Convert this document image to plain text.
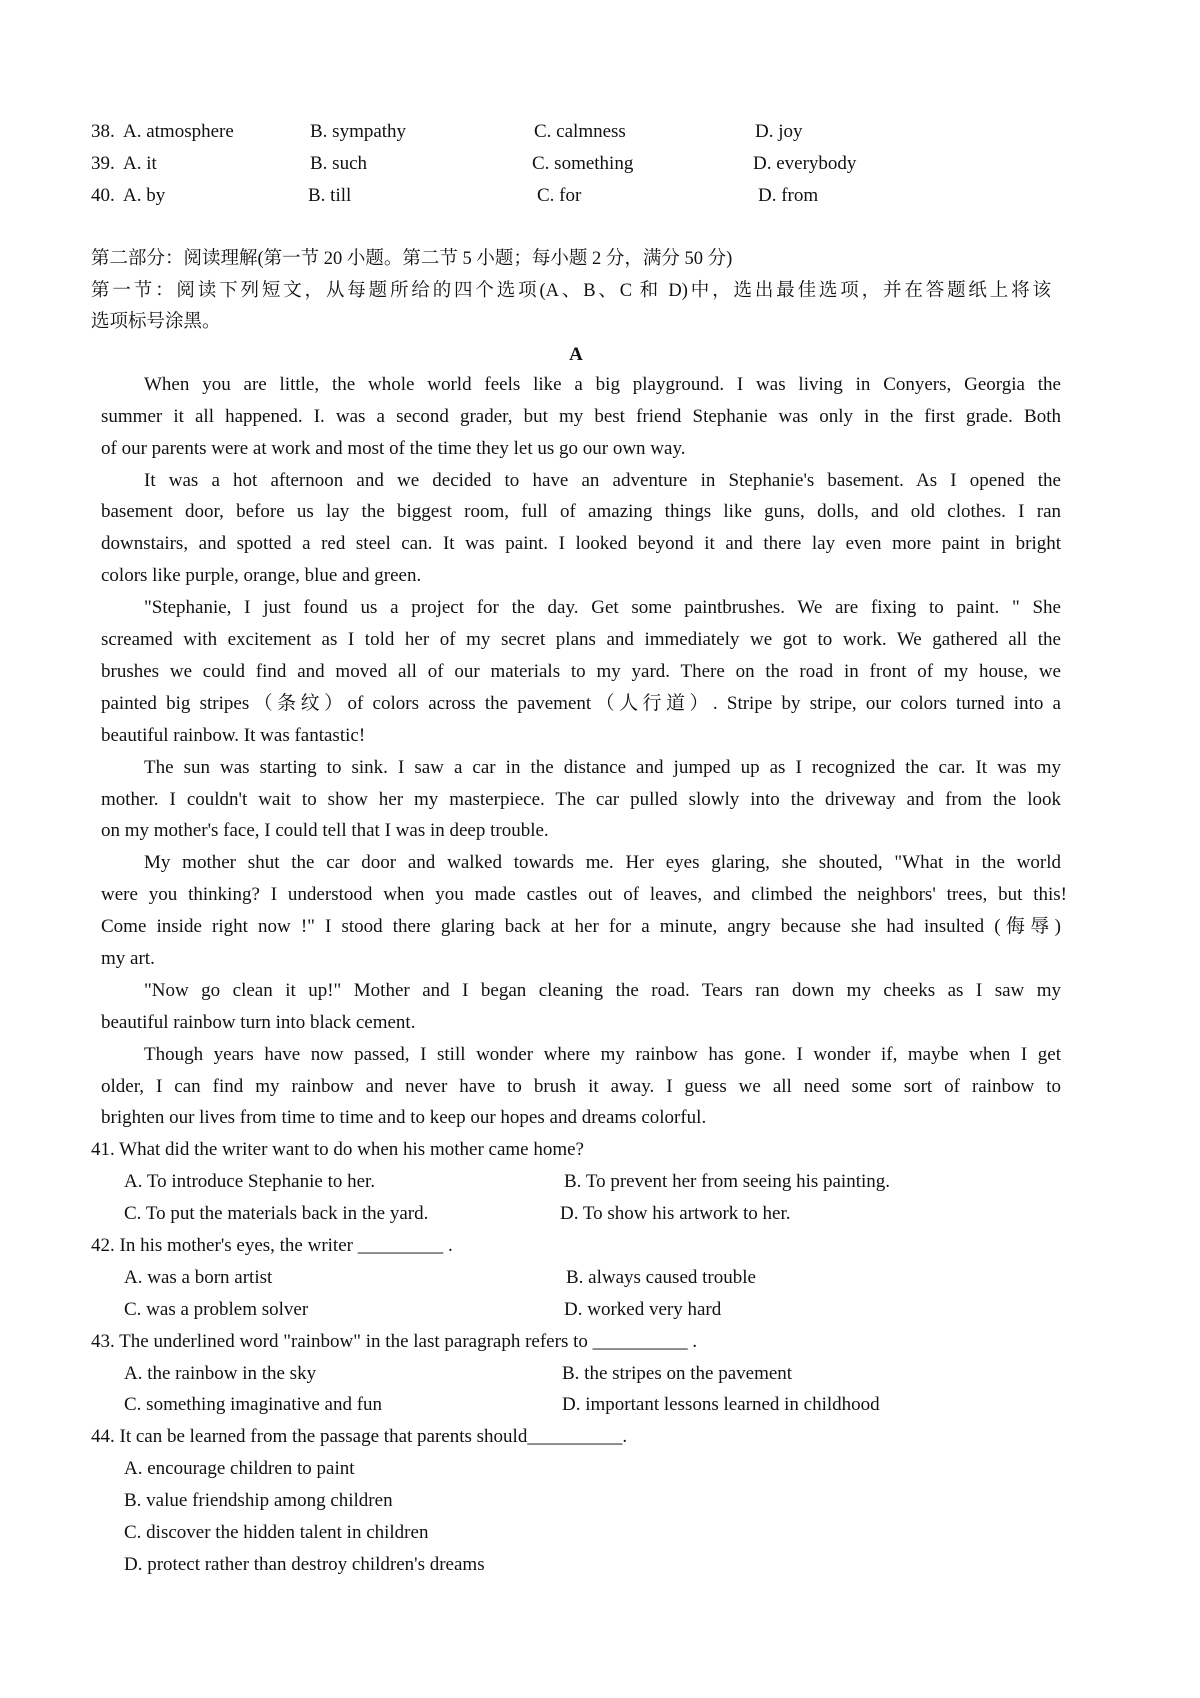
38. A. atmosphere	B. sympathy	C. calmness	D. joy
39. A. it	B. such	C. something	D. everybody
40. A. by	B. till	C. for	D. from
第二部分：阅读理解(第一节 20 小题。第二节 5 小题；每小题 2 分，满分 50 分)
第一节：阅读下列短文，从每题所给的四个选项(A、B、C 和 D)中，选出最佳选项，并在答题纸上将该
选项标号涂黑。
A
When you are little, the whole world feels like a big playground. I was living in Conyers, Georgia the
summer it all happened. I. was a second grader, but my best friend Stephanie was only in the first grade. Both
of our parents were at work and most of the time they let us go our own way.
It was a hot afternoon and we decided to have an adventure in Stephanie's basement. As I opened the
basement door, before us lay the biggest room, full of amazing things like guns, dolls, and old clothes. I ran
downstairs, and spotted a red steel can. It was paint. I looked beyond it and there lay even more paint in bright
colors like purple, orange, blue and green.
"Stephanie, I just found us a project for the day. Get some paintbrushes. We are fixing to paint. " She
screamed with excitement as I told her of my secret plans and immediately we got to work. We gathered all the
brushes we could find and moved all of our materials to my yard. There on the road in front of my house, we
painted big stripes（条纹）of colors across the pavement（人行道）. Stripe by stripe, our colors turned into a
beautiful rainbow. It was fantastic!
The sun was starting to sink. I saw a car in the distance and jumped up as I recognized the car. It was my
mother. I couldn't wait to show her my masterpiece. The car pulled slowly into the driveway and from the look
on my mother's face, I could tell that I was in deep trouble.
My mother shut the car door and walked towards me. Her eyes glaring, she shouted, "What in the world
were you thinking? I understood when you made castles out of leaves, and climbed the neighbors' trees, but this!
Come inside right now !" I stood there glaring back at her for a minute, angry because she had insulted (侮辱)
my art.
"Now go clean it up!" Mother and I began cleaning the road. Tears ran down my cheeks as I saw my
beautiful rainbow turn into black cement.
Though years have now passed, I still wonder where my rainbow has gone. I wonder if, maybe when I get
older, I can find my rainbow and never have to brush it away. I guess we all need some sort of rainbow to
brighten our lives from time to time and to keep our hopes and dreams colorful.
41. What did the writer want to do when his mother came home?
A. To introduce Stephanie to her.	B. To prevent her from seeing his painting.
C. To put the materials back in the yard.	D. To show his artwork to her.
42. In his mother's eyes, the writer _________ .
A. was a born artist	B. always caused trouble
C. was a problem solver	D. worked very hard
43. The underlined word "rainbow" in the last paragraph refers to __________ .
A. the rainbow in the sky	B. the stripes on the pavement
C. something imaginative and fun	D. important lessons learned in childhood
44. It can be learned from the passage that parents should__________.
A. encourage children to paint
B. value friendship among children
C. discover the hidden talent in children
D. protect rather than destroy children's dreams
